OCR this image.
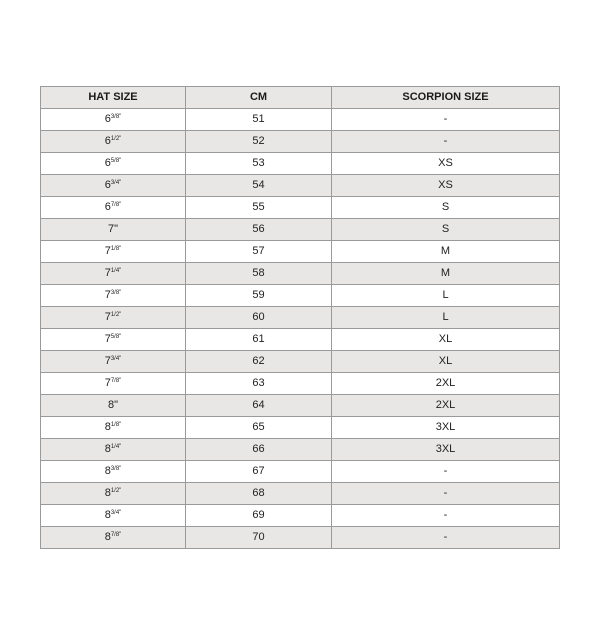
HAT SIZE	CM	SCORPION SIZE
$6^{3/8"}$	51	-
$6^{1/2"}$	52	-
$6^{5/8"}$	53	XS
$6^{3/4"}$	54	XS
$6^{7/8"}$	55	S
7"	56	S
$7^{1/8"}$	57	M
$7^{1/4"}$	58	M
$7^{3/8"}$	59	L
$7^{1/2"}$	60	L
$7^{5/8"}$	61	XL
$7^{3/4"}$	62	XL
$7^{7/8"}$	63	2XL
8"	64	2XL
$8^{1/8"}$	65	3XL
$8^{1/4"}$	66	3XL
$8^{3/8"}$	67	-
$8^{1/2"}$	68	-
$8^{3/4"}$	69	-
$8^{7/8"}$	70	-
